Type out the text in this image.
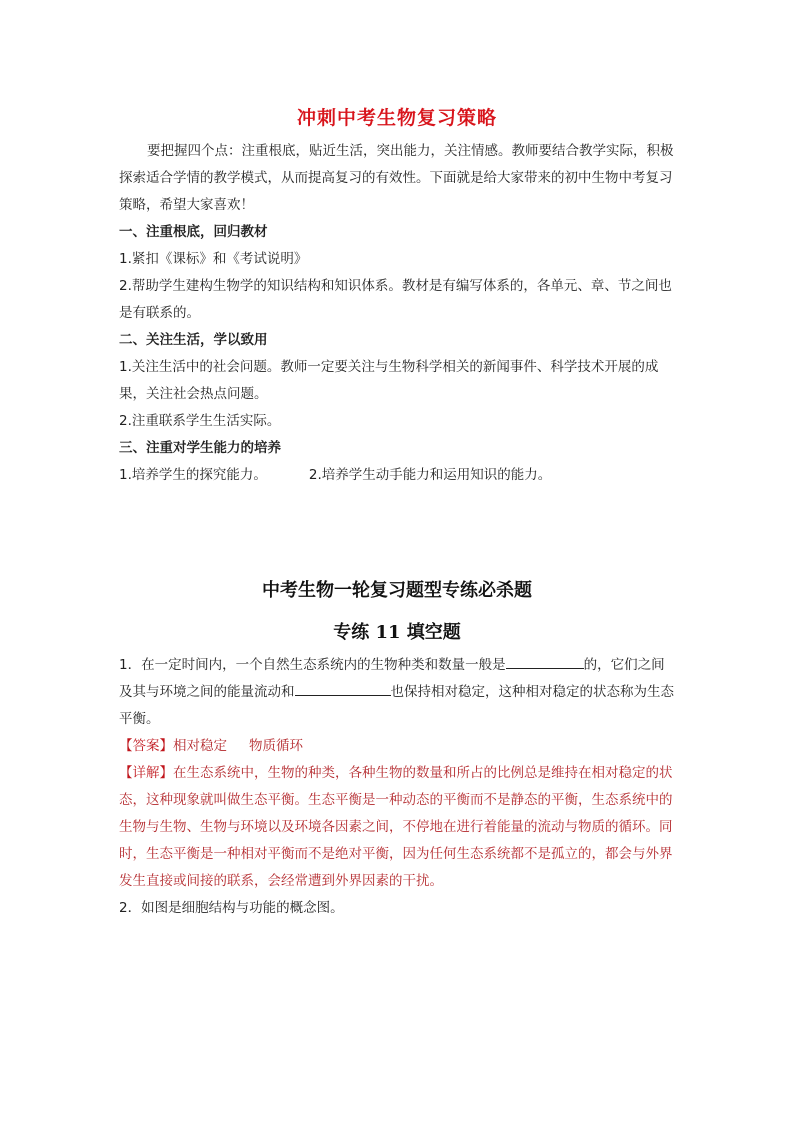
冲刺中考生物复习策略

要把握四个点：注重根底，贴近生活，突出能力，关注情感。教师要结合教学实际，积极探索适合学情的教学模式，从而提高复习的有效性。下面就是给大家带来的初中生物中考复习策略，希望大家喜欢！

一、注重根底，回归教材

1.紧扣《课标》和《考试说明》

2.帮助学生建构生物学的知识结构和知识体系。教材是有编写体系的，各单元、章、节之间也是有联系的。

二、关注生活，学以致用

1.关注生活中的社会问题。教师一定要关注与生物科学相关的新闻事件、科学技术开展的成果，关注社会热点问题。

2.注重联系学生生活实际。

三、注重对学生能力的培养

1.培养学生的探究能力。	2.培养学生动手能力和运用知识的能力。

中考生物一轮复习题型专练必杀题
专练 11 填空题

1．在一定时间内，一个自然生态系统内的生物种类和数量一般是	的，它们之间及其与环境之间的能量流动和	也保持相对稳定，这种相对稳定的状态称为生态平衡。

【答案】相对稳定 物质循环

【详解】在生态系统中，生物的种类，各种生物的数量和所占的比例总是维持在相对稳定的状态，这种现象就叫做生态平衡。生态平衡是一种动态的平衡而不是静态的平衡，生态系统中的生物与生物、生物与环境以及环境各因素之间，不停地在进行着能量的流动与物质的循环。同时，生态平衡是一种相对平衡而不是绝对平衡，因为任何生态系统都不是孤立的，都会与外界发生直接或间接的联系，会经常遭到外界因素的干扰。

2．如图是细胞结构与功能的概念图。
